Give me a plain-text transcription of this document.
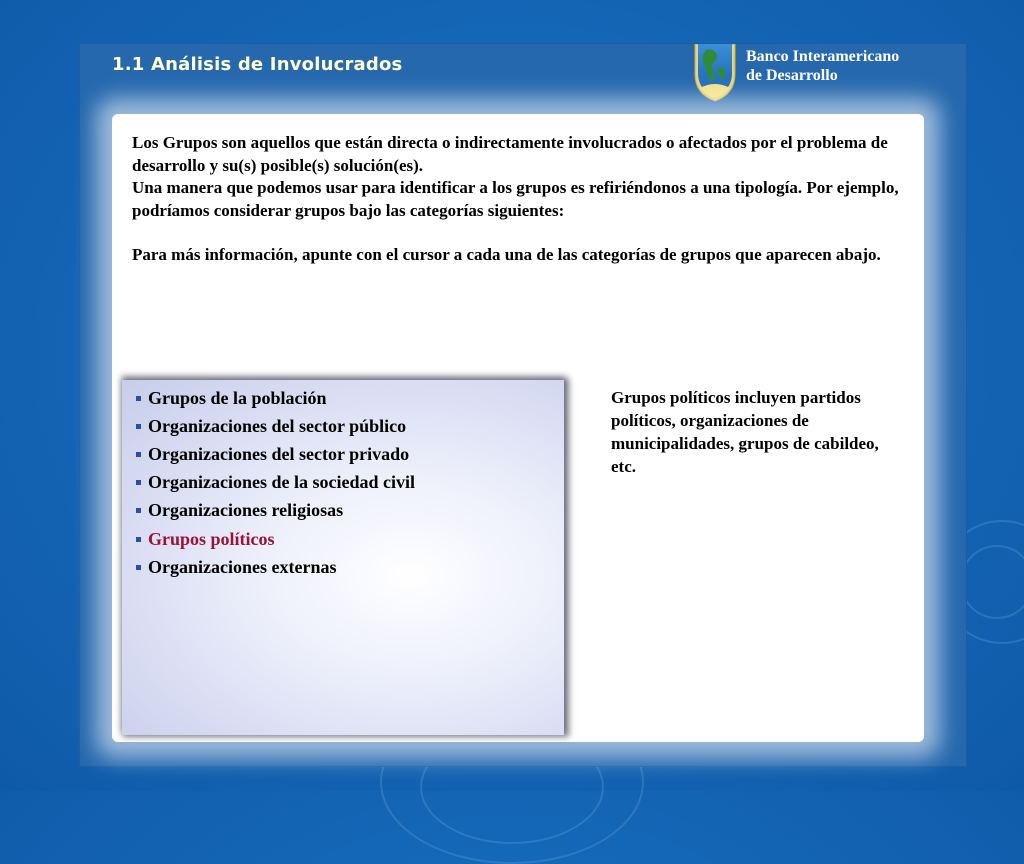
1.1 Análisis de Involucrados	Banco Interamericano
de Desarrollo

Los Grupos son aquellos que están directa o indirectamente involucrados o afectados por el problema de desarrollo y su(s) posible(s) solución(es).

Una manera que podemos usar para identificar a los grupos es refiriéndonos a una tipología. Por ejemplo, podríamos considerar grupos bajo las categorías siguientes:

Para más información, apunte con el cursor a cada una de las categorías de grupos que aparecen abajo.

Grupos de la población
Organizaciones del sector público
Organizaciones del sector privado
Organizaciones de la sociedad civil
Organizaciones religiosas
Grupos políticos
Organizaciones externas
Grupos políticos incluyen partidos políticos, organizaciones de municipalidades, grupos de cabildeo, etc.
